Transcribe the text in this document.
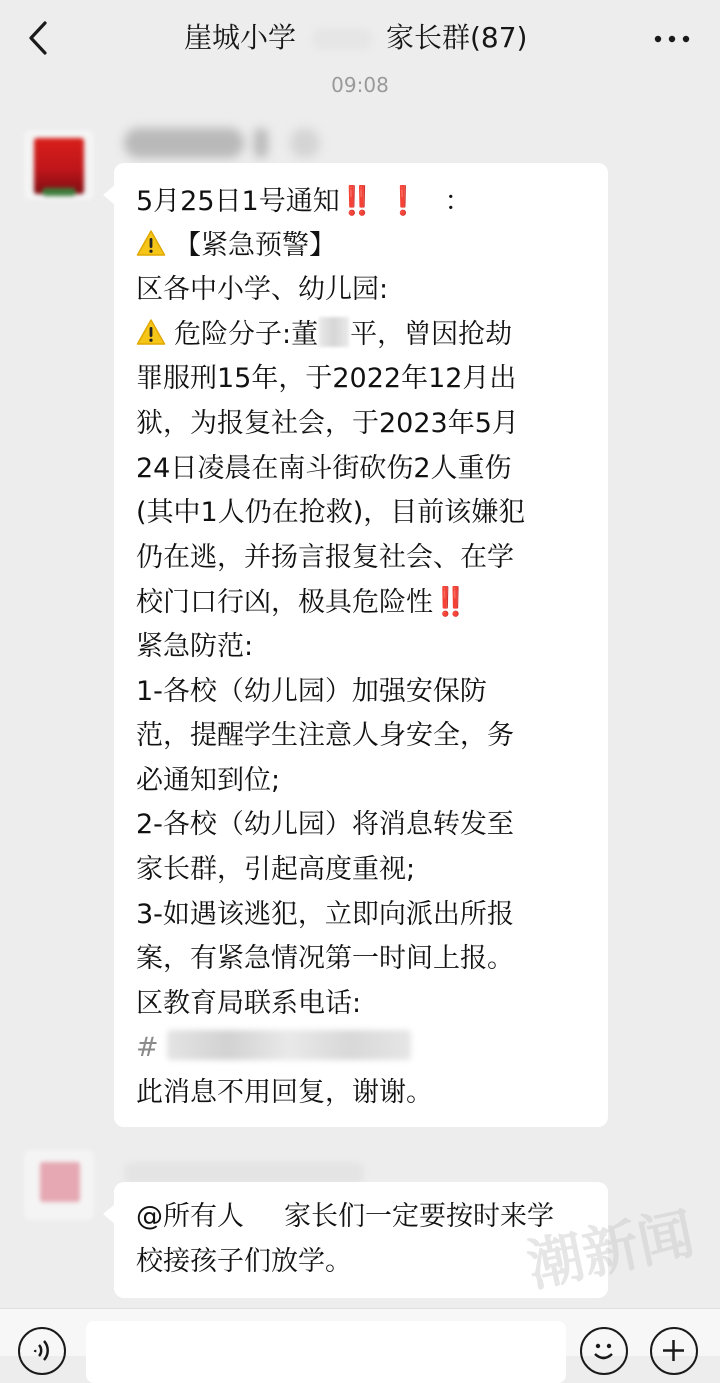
崖城小学	家长群(87)
09:08
5月25日1号通知‼️ ❗ ：
【紧急预警】
区各中小学、幼儿园:
危险分子:董 平，曾因抢劫
罪服刑15年，于2022年12月出
狱，为报复社会，于2023年5月
24日凌晨在南斗街砍伤2人重伤
(其中1人仍在抢救)，目前该嫌犯
仍在逃，并扬言报复社会、在学
校门口行凶，极具危险性‼️
紧急防范:
1-各校（幼儿园）加强安保防
范，提醒学生注意人身安全，务
必通知到位;
2-各校（幼儿园）将消息转发至
家长群，引起高度重视;
3-如遇该逃犯，立即向派出所报
案，有紧急情况第一时间上报。
区教育局联系电话:
#
此消息不用回复，谢谢。
@所有人 家长们一定要按时来学
校接孩子们放学。	潮新闻
